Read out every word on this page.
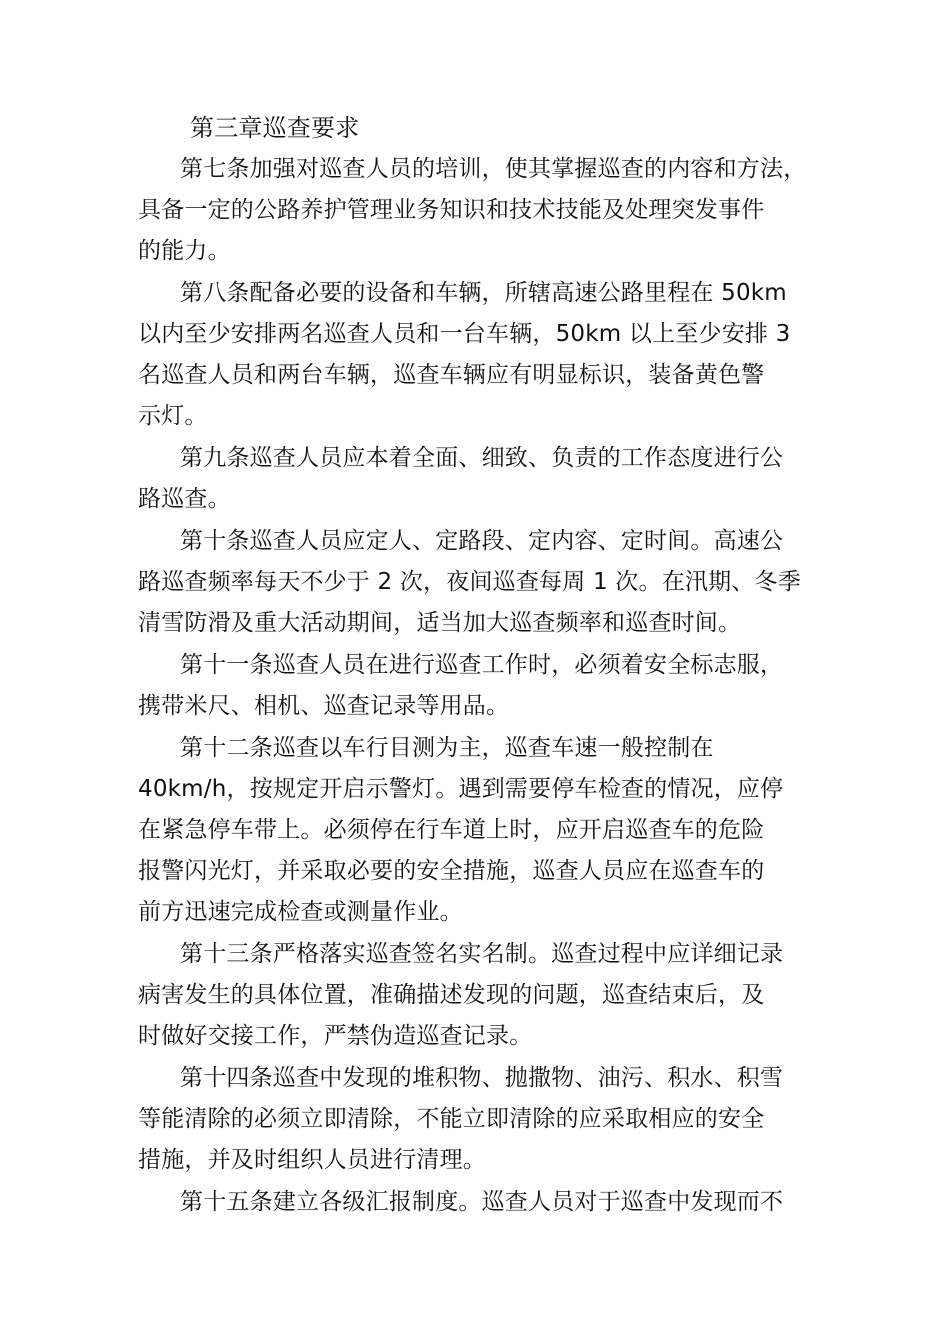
第三章巡查要求
第七条加强对巡查人员的培训，使其掌握巡查的内容和方法，
具备一定的公路养护管理业务知识和技术技能及处理突发事件
的能力。
第八条配备必要的设备和车辆，所辖高速公路里程在 50km
以内至少安排两名巡查人员和一台车辆，50km 以上至少安排 3
名巡查人员和两台车辆，巡查车辆应有明显标识，装备黄色警
示灯。
第九条巡查人员应本着全面、细致、负责的工作态度进行公
路巡查。
第十条巡查人员应定人、定路段、定内容、定时间。高速公
路巡查频率每天不少于 2 次，夜间巡查每周 1 次。在汛期、冬季
清雪防滑及重大活动期间，适当加大巡查频率和巡查时间。
第十一条巡查人员在进行巡查工作时，必须着安全标志服，
携带米尺、相机、巡查记录等用品。
第十二条巡查以车行目测为主，巡查车速一般控制在
40km/h，按规定开启示警灯。遇到需要停车检查的情况，应停
在紧急停车带上。必须停在行车道上时，应开启巡查车的危险
报警闪光灯，并采取必要的安全措施，巡查人员应在巡查车的
前方迅速完成检查或测量作业。
第十三条严格落实巡查签名实名制。巡查过程中应详细记录
病害发生的具体位置，准确描述发现的问题，巡查结束后，及
时做好交接工作，严禁伪造巡查记录。
第十四条巡查中发现的堆积物、抛撒物、油污、积水、积雪
等能清除的必须立即清除，不能立即清除的应采取相应的安全
措施，并及时组织人员进行清理。
第十五条建立各级汇报制度。巡查人员对于巡查中发现而不
